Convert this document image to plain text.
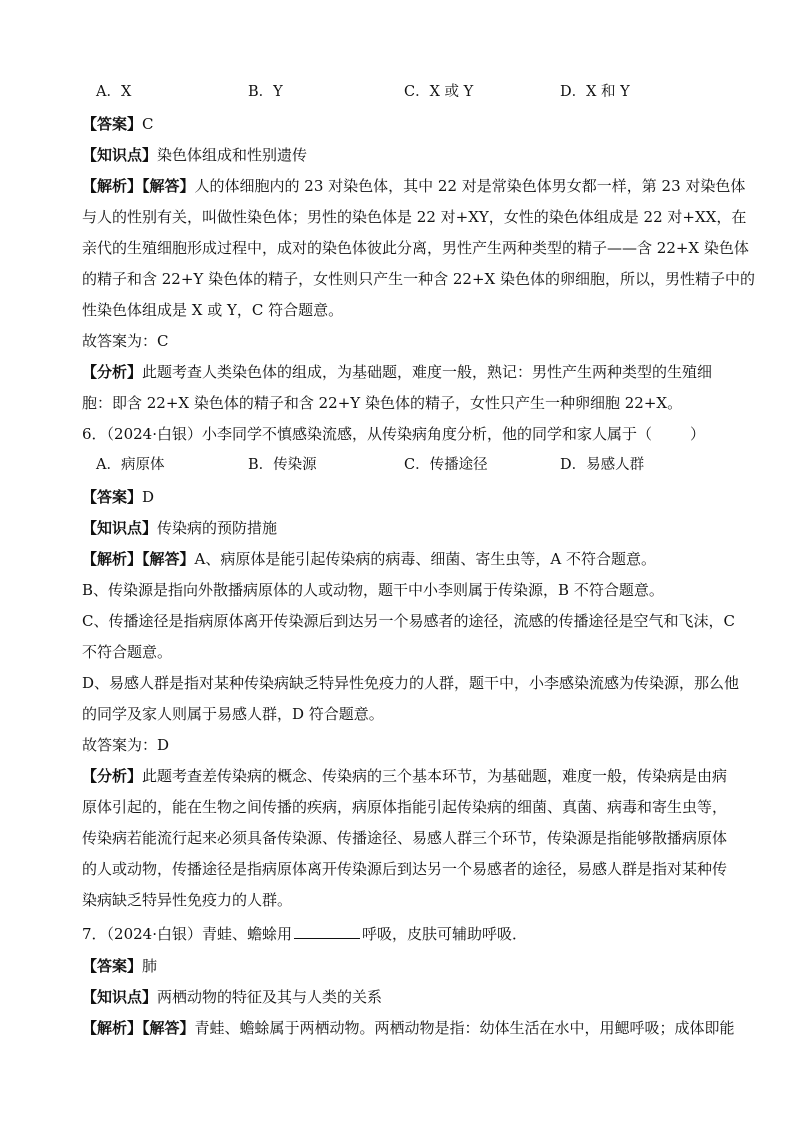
A．X	B．Y	C．X 或 Y	D．X 和 Y
【答案】C
【知识点】染色体组成和性别遗传
【解析】【解答】人的体细胞内的 23 对染色体，其中 22 对是常染色体男女都一样，第 23 对染色体
与人的性别有关，叫做性染色体；男性的染色体是 22 对+XY，女性的染色体组成是 22 对+XX，在
亲代的生殖细胞形成过程中，成对的染色体彼此分离，男性产生两种类型的精子——含 22+X 染色体
的精子和含 22+Y 染色体的精子，女性则只产生一种含 22+X 染色体的卵细胞，所以，男性精子中的
性染色体组成是 X 或 Y，C 符合题意。
故答案为：C
【分析】此题考查人类染色体的组成，为基础题，难度一般，熟记：男性产生两种类型的生殖细
胞：即含 22+X 染色体的精子和含 22+Y 染色体的精子，女性只产生一种卵细胞 22+X。
6．（2024·白银）小李同学不慎感染流感，从传染病角度分析，他的同学和家人属于（	）
A．病原体	B．传染源	C．传播途径	D．易感人群
【答案】D
【知识点】传染病的预防措施
【解析】【解答】A、病原体是能引起传染病的病毒、细菌、寄生虫等，A 不符合题意。
B、传染源是指向外散播病原体的人或动物，题干中小李则属于传染源，B 不符合题意。
C、传播途径是指病原体离开传染源后到达另一个易感者的途径，流感的传播途径是空气和飞沫，C
不符合题意。
D、易感人群是指对某种传染病缺乏特异性免疫力的人群，题干中，小李感染流感为传染源，那么他
的同学及家人则属于易感人群，D 符合题意。
故答案为：D
【分析】此题考查差传染病的概念、传染病的三个基本环节，为基础题，难度一般，传染病是由病
原体引起的，能在生物之间传播的疾病，病原体指能引起传染病的细菌、真菌、病毒和寄生虫等，
传染病若能流行起来必须具备传染源、传播途径、易感人群三个环节，传染源是指能够散播病原体
的人或动物，传播途径是指病原体离开传染源后到达另一个易感者的途径，易感人群是指对某种传
染病缺乏特异性免疫力的人群。
7．（2024·白银）青蛙、蟾蜍用	呼吸，皮肤可辅助呼吸．
【答案】肺
【知识点】两栖动物的特征及其与人类的关系
【解析】【解答】青蛙、蟾蜍属于两栖动物。两栖动物是指：幼体生活在水中，用鳃呼吸；成体即能
